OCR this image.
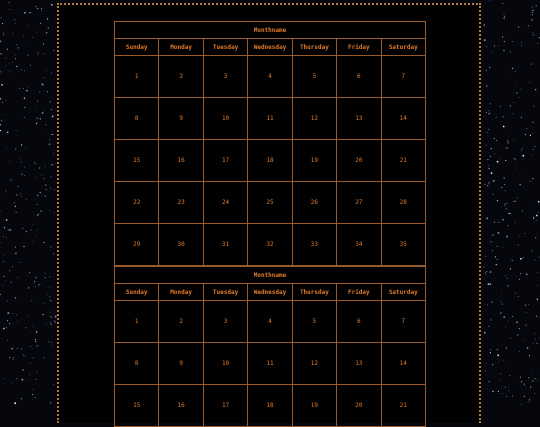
Monthname						
Sunday	Monday	Tuesday	Wednesday	Thursday	Friday	Saturday
1	2	3	4	5	6	7
8	9	10	11	12	13	14
15	16	17	18	19	20	21
22	23	24	25	26	27	28
29	30	31	32	33	34	35
Monthname						
Sunday	Monday	Tuesday	Wednesday	Thursday	Friday	Saturday
1	2	3	4	5	6	7
8	9	10	11	12	13	14
15	16	17	18	19	20	21
